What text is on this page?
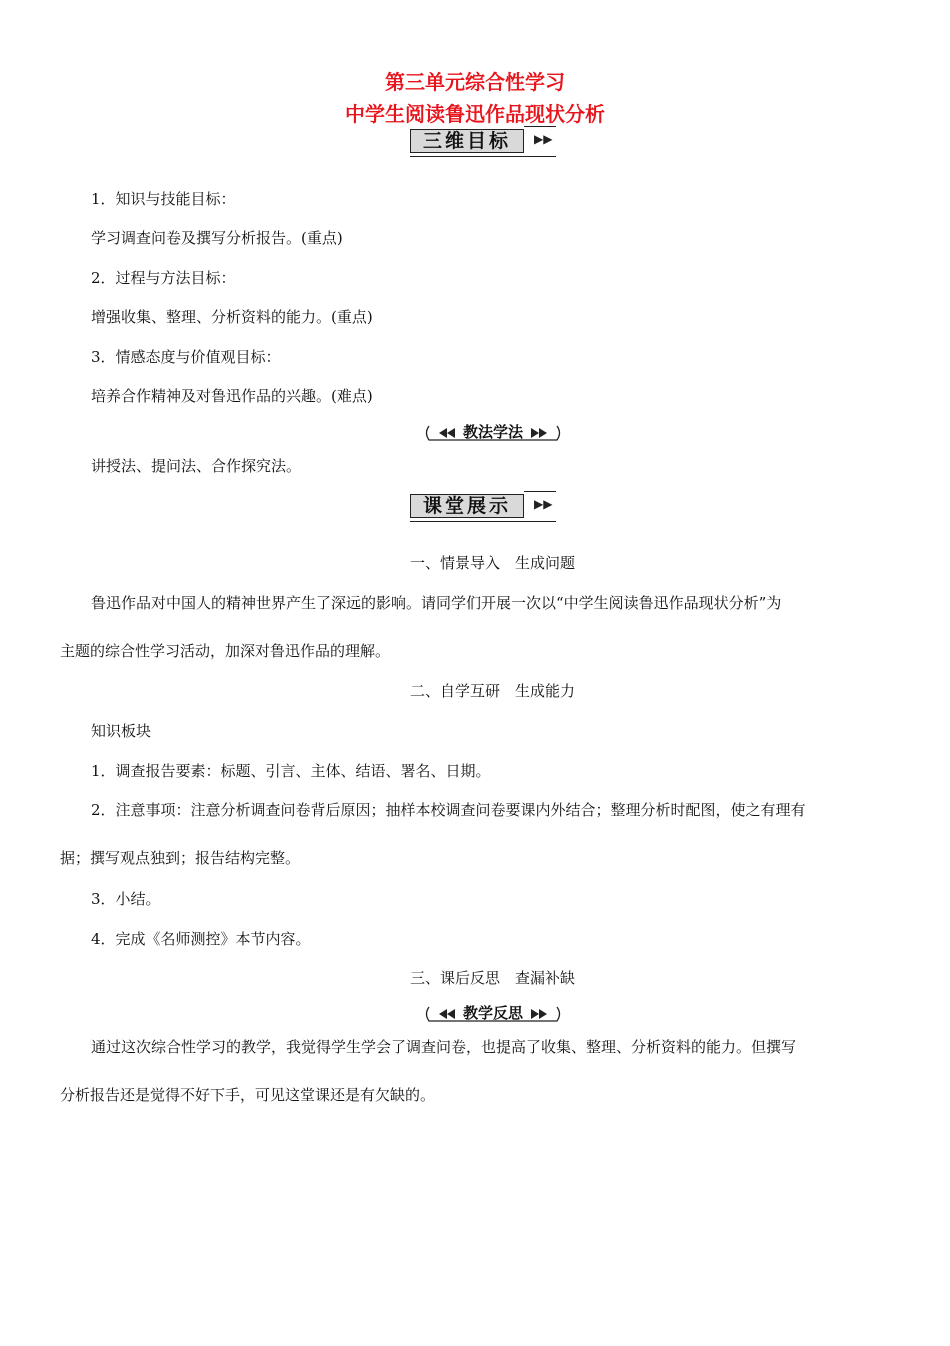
第三单元综合性学习
中学生阅读鲁迅作品现状分析
三维目标	▶▶
1．知识与技能目标：
学习调查问卷及撰写分析报告。(重点)
2．过程与方法目标：
增强收集、整理、分析资料的能力。(重点)
3．情感态度与价值观目标：
培养合作精神及对鲁迅作品的兴趣。(难点)
教法学法
讲授法、提问法、合作探究法。
课堂展示	▶▶
一、情景导入　生成问题
鲁迅作品对中国人的精神世界产生了深远的影响。请同学们开展一次以“中学生阅读鲁迅作品现状分析”为
主题的综合性学习活动，加深对鲁迅作品的理解。
二、自学互研　生成能力
知识板块
1．调查报告要素：标题、引言、主体、结语、署名、日期。
2．注意事项：注意分析调查问卷背后原因；抽样本校调查问卷要课内外结合；整理分析时配图，使之有理有
据；撰写观点独到；报告结构完整。
3．小结。
4．完成《名师测控》本节内容。
三、课后反思　查漏补缺
教学反思
通过这次综合性学习的教学，我觉得学生学会了调查问卷，也提高了收集、整理、分析资料的能力。但撰写
分析报告还是觉得不好下手，可见这堂课还是有欠缺的。
